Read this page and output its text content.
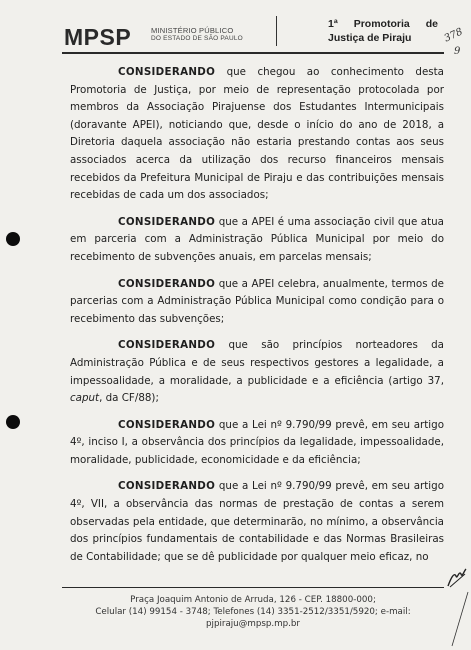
MPSP	MINISTÉRIO PÚBLICO
DO ESTADO DE SÃO PAULO
1ª Promotoria de
Justiça de Piraju	378
9

CONSIDERANDO que chegou ao conhecimento desta Promotoria de Justiça, por meio de representação protocolada por membros da Associação Pirajuense dos Estudantes Intermunicipais (doravante APEI), noticiando que, desde o início do ano de 2018, a Diretoria daquela associação não estaria prestando contas aos seus associados acerca da utilização dos recurso financeiros mensais recebidos da Prefeitura Municipal de Piraju e das contribuições mensais recebidas de cada um dos associados;

CONSIDERANDO que a APEI é uma associação civil que atua em parceria com a Administração Pública Municipal por meio do recebimento de subvenções anuais, em parcelas mensais;

CONSIDERANDO que a APEI celebra, anualmente, termos de parcerias com a Administração Pública Municipal como condição para o recebimento das subvenções;

CONSIDERANDO que são princípios norteadores da Administração Pública e de seus respectivos gestores a legalidade, a impessoalidade, a moralidade, a publicidade e a eficiência (artigo 37, caput, da CF/88);

CONSIDERANDO que a Lei nº 9.790/99 prevê, em seu artigo 4º, inciso I, a observância dos princípios da legalidade, impessoalidade, moralidade, publicidade, economicidade e da eficiência;

CONSIDERANDO que a Lei nº 9.790/99 prevê, em seu artigo 4º, VII, a observância das normas de prestação de contas a serem observadas pela entidade, que determinarão, no mínimo, a observância dos princípios fundamentais de contabilidade e das Normas Brasileiras de Contabilidade; que se dê publicidade por qualquer meio eficaz, no

Praça Joaquim Antonio de Arruda, 126 - CEP. 18800-000;
Celular (14) 99154 - 3748; Telefones (14) 3351-2512/3351/5920; e-mail:
pjpiraju@mpsp.mp.br
